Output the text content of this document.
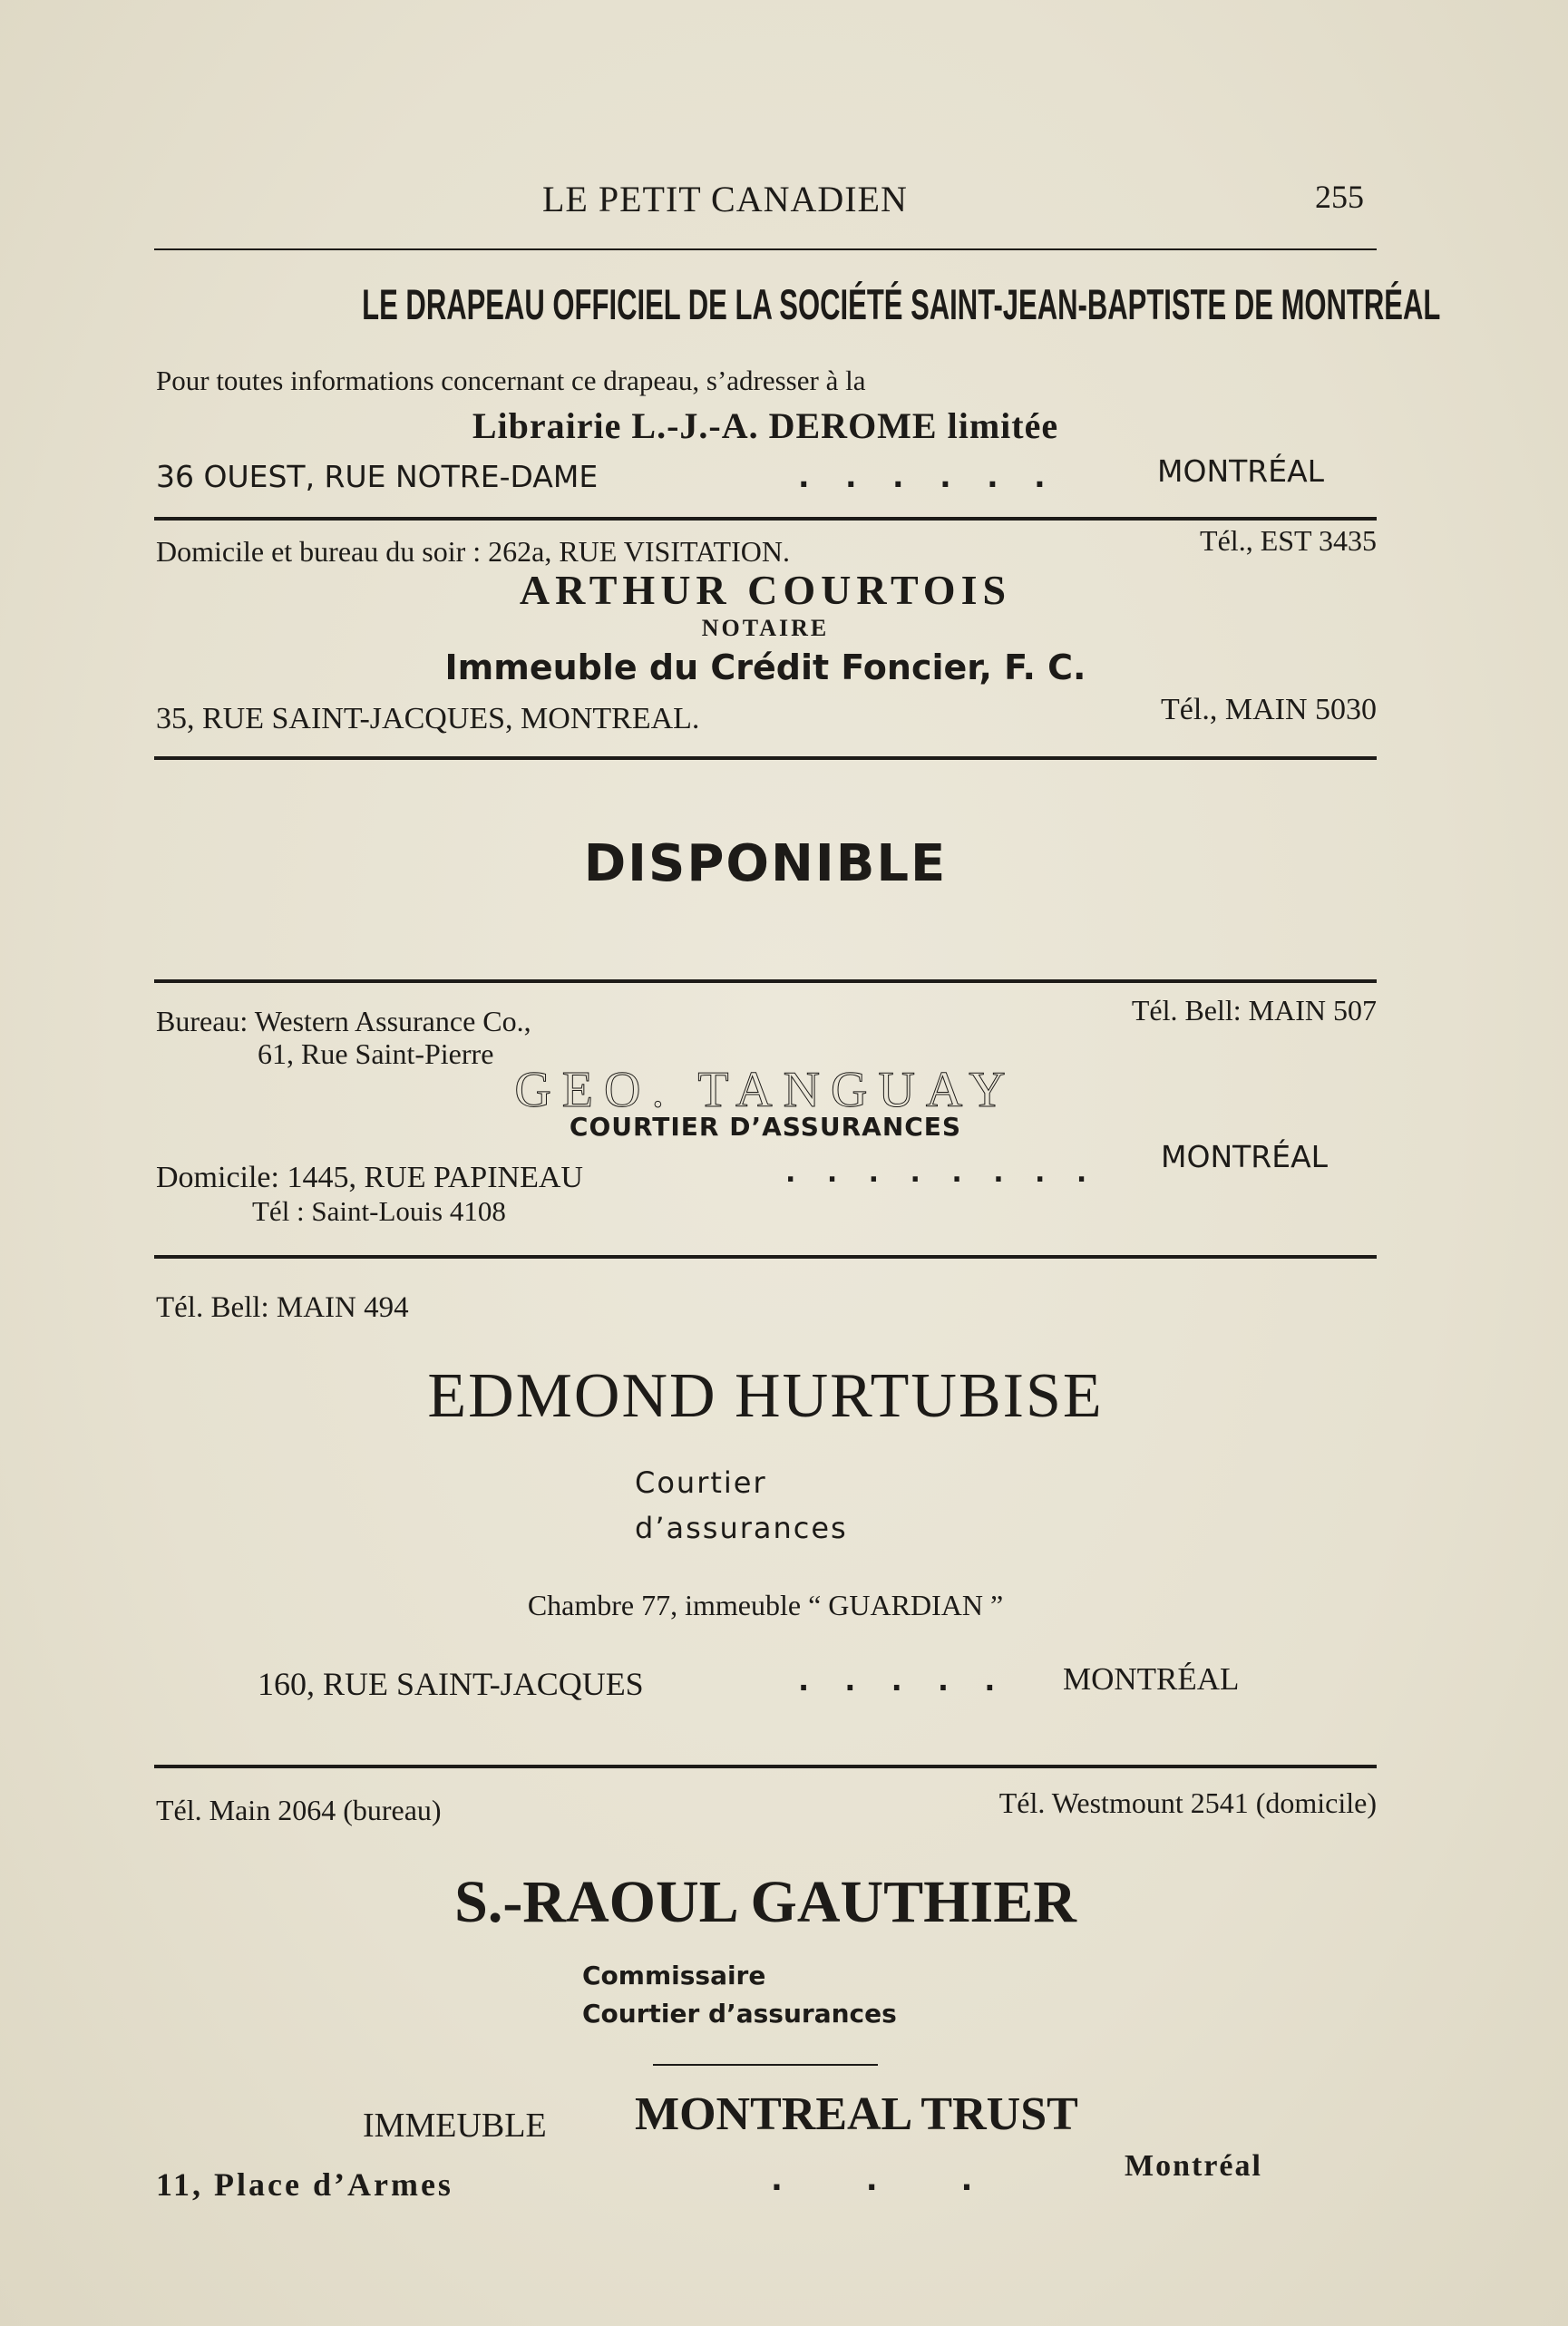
LE PETIT CANADIEN	255
LE DRAPEAU OFFICIEL DE LA SOCIÉTÉ SAINT-JEAN-BAPTISTE DE MONTRÉAL
Pour toutes informations concernant ce drapeau, s’adresser à la
Librairie L.-J.-A. DEROME limitée
36 OUEST, RUE NOTRE-DAME	. . . . . .	MONTRÉAL
Domicile et bureau du soir : 262a, RUE VISITATION.	Tél., EST 3435
ARTHUR COURTOIS
NOTAIRE
Immeuble du Crédit Foncier, F. C.
35, RUE SAINT-JACQUES, MONTREAL.	Tél., MAIN 5030
DISPONIBLE
Bureau: Western Assurance Co.,	Tél. Bell: MAIN 507
61, Rue Saint-Pierre
GEO. TANGUAY
COURTIER D’ASSURANCES
Domicile: 1445, RUE PAPINEAU	. . . . . . . . MONTRÉAL
Tél : Saint-Louis 4108
Tél. Bell: MAIN 494
EDMOND HURTUBISE
Courtier
d’assurances
Chambre 77, immeuble “ GUARDIAN ”
160, RUE SAINT-JACQUES	. . . . . MONTRÉAL
Tél. Main 2064 (bureau)	Tél. Westmount 2541 (domicile)
S.-RAOUL GAUTHIER
Commissaire
Courtier d’assurances
IMMEUBLE MONTREAL TRUST
11, Place d’Armes	. . .	Montréal
